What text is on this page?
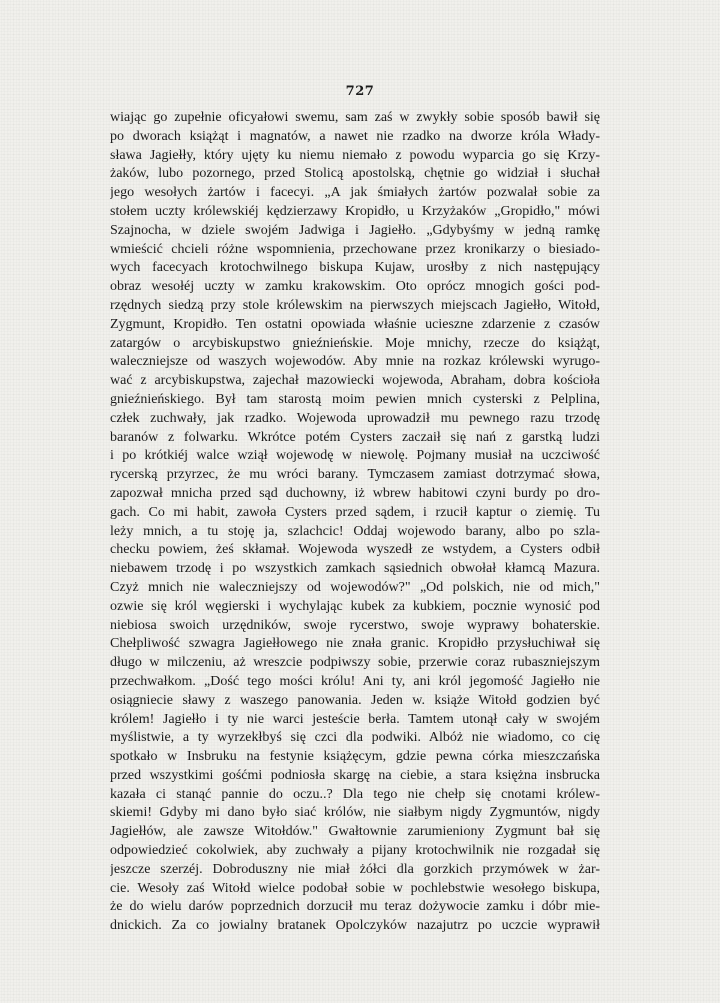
727
wiając go zupełnie oficyałowi swemu, sam zaś w zwykły sobie sposób bawił się
po dworach książąt i magnatów, a nawet nie rzadko na dworze króla Włady-
sława Jagiełły, który ujęty ku niemu niemało z powodu wyparcia go się Krzy-
żaków, lubo pozornego, przed Stolicą apostolską, chętnie go widział i słuchał
jego wesołych żartów i facecyi. „A jak śmiałych żartów pozwalał sobie za
stołem uczty królewskiéj kędzierzawy Kropidło, u Krzyżaków „Gropidło," mówi
Szajnocha, w dziele swojém Jadwiga i Jagiełło. „Gdybyśmy w jedną ramkę
wmieścić chcieli różne wspomnienia, przechowane przez kronikarzy o biesiado-
wych facecyach krotochwilnego biskupa Kujaw, urosłby z nich następujący
obraz wesołéj uczty w zamku krakowskim. Oto oprócz mnogich gości pod-
rzędnych siedzą przy stole królewskim na pierwszych miejscach Jagiełło, Witołd,
Zygmunt, Kropidło. Ten ostatni opowiada właśnie ucieszne zdarzenie z czasów
zatargów o arcybiskupstwo gnieźnieńskie. Moje mnichy, rzecze do książąt,
waleczniejsze od waszych wojewodów. Aby mnie na rozkaz królewski wyrugo-
wać z arcybiskupstwa, zajechał mazowiecki wojewoda, Abraham, dobra kościoła
gnieźnieńskiego. Był tam starostą moim pewien mnich cysterski z Pelplina,
człek zuchwały, jak rzadko. Wojewoda uprowadził mu pewnego razu trzodę
baranów z folwarku. Wkrótce potém Cysters zaczaił się nań z garstką ludzi
i po krótkiéj walce wziął wojewodę w niewolę. Pojmany musiał na uczciwość
rycerską przyrzec, że mu wróci barany. Tymczasem zamiast dotrzymać słowa,
zapozwał mnicha przed sąd duchowny, iż wbrew habitowi czyni burdy po dro-
gach. Co mi habit, zawoła Cysters przed sądem, i rzucił kaptur o ziemię. Tu
leży mnich, a tu stoję ja, szlachcic! Oddaj wojewodo barany, albo po szla-
checku powiem, żeś skłamał. Wojewoda wyszedł ze wstydem, a Cysters odbił
niebawem trzodę i po wszystkich zamkach sąsiednich obwołał kłamcą Mazura.
Czyż mnich nie waleczniejszy od wojewodów?" „Od polskich, nie od mich,"
ozwie się król węgierski i wychylając kubek za kubkiem, pocznie wynosić pod
niebiosa swoich urzędników, swoje rycerstwo, swoje wyprawy bohaterskie.
Chełpliwość szwagra Jagiełłowego nie znała granic. Kropidło przysłuchiwał się
długo w milczeniu, aż wreszcie podpiwszy sobie, przerwie coraz rubaszniejszym
przechwałkom. „Dość tego mości królu! Ani ty, ani król jegomość Jagiełło nie
osiągniecie sławy z waszego panowania. Jeden w. książe Witołd godzien być
królem! Jagiełło i ty nie warci jesteście berła. Tamtem utonął cały w swojém
myślistwie, a ty wyrzekłbyś się czci dla podwiki. Albóż nie wiadomo, co cię
spotkało w Insbruku na festynie książęcym, gdzie pewna córka mieszczańska
przed wszystkimi gośćmi podniosła skargę na ciebie, a stara księżna insbrucka
kazała ci stanąć pannie do oczu..? Dla tego nie chełp się cnotami królew-
skiemi! Gdyby mi dano było siać królów, nie siałbym nigdy Zygmuntów, nigdy
Jagiełłów, ale zawsze Witołdów." Gwałtownie zarumieniony Zygmunt bał się
odpowiedzieć cokolwiek, aby zuchwały a pijany krotochwilnik nie rozgadał się
jeszcze szerzéj. Dobroduszny nie miał żółci dla gorzkich przymówek w żar-
cie. Wesoły zaś Witołd wielce podobał sobie w pochlebstwie wesołego biskupa,
że do wielu darów poprzednich dorzucił mu teraz dożywocie zamku i dóbr mie-
dnickich. Za co jowialny bratanek Opolczyków nazajutrz po uczcie wyprawił
